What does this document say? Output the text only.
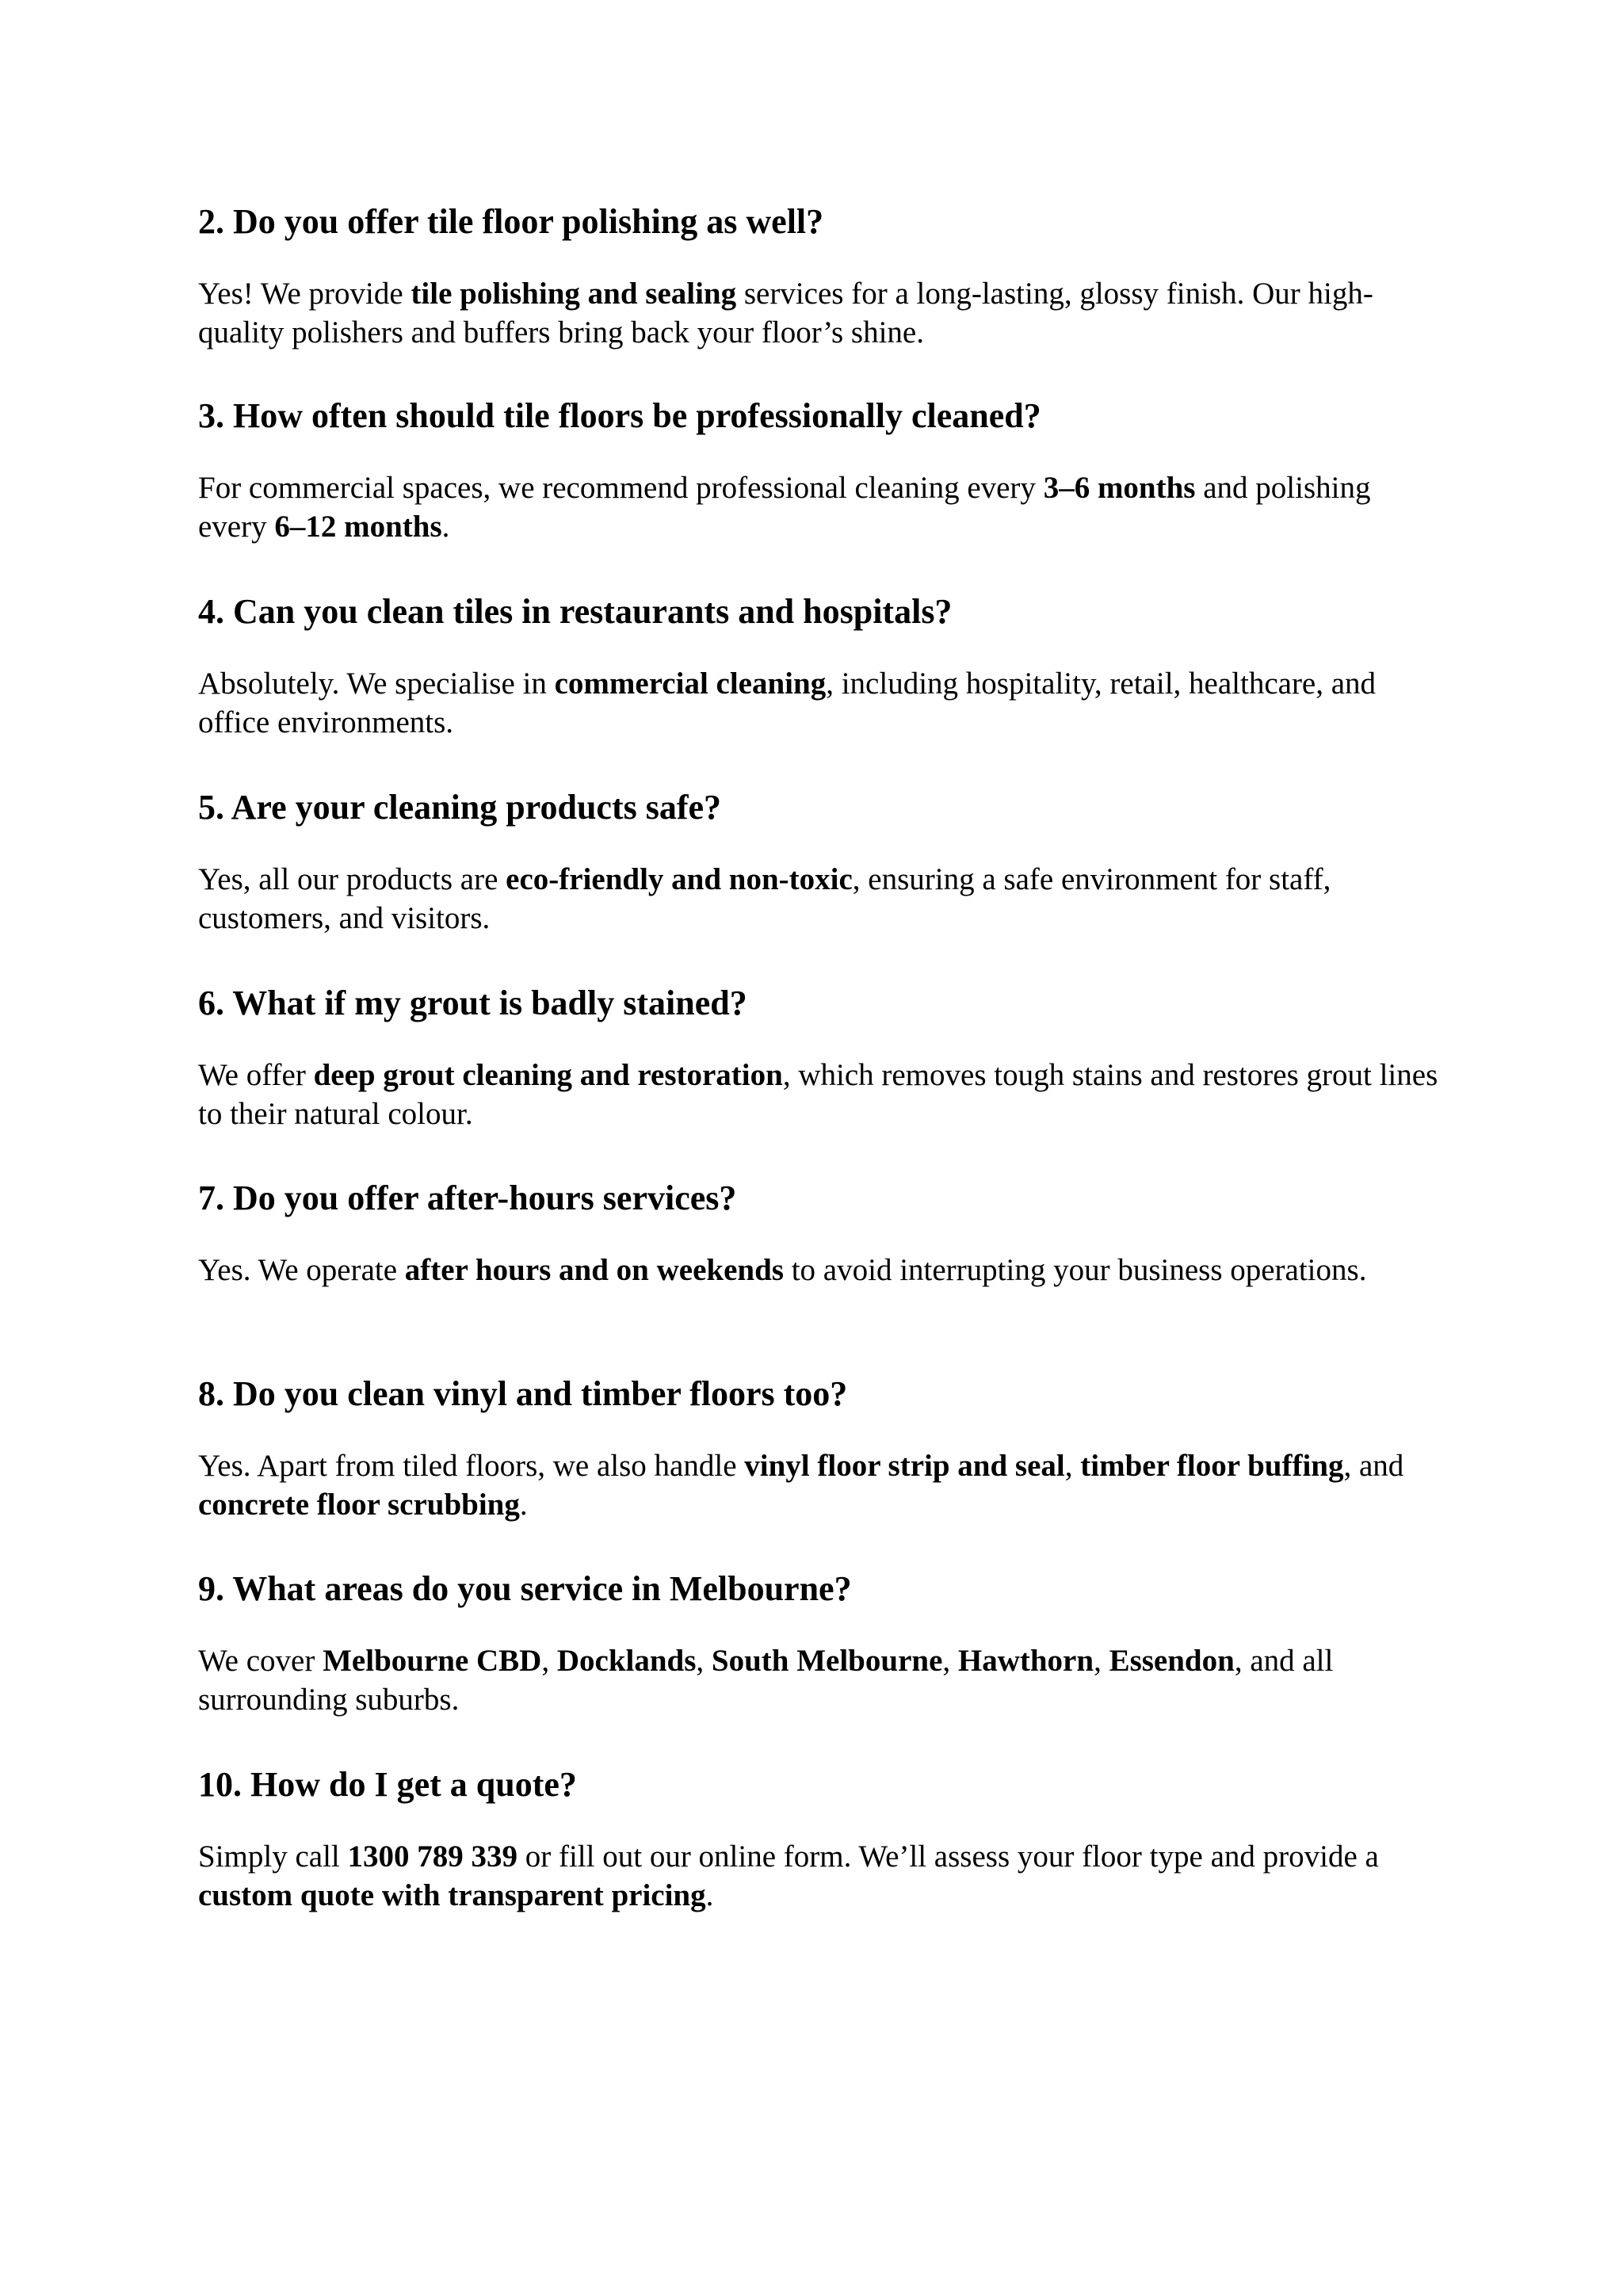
2. Do you offer tile floor polishing as well?

Yes! We provide tile polishing and sealing services for a long-lasting, glossy finish. Our high-quality polishers and buffers bring back your floor’s shine.

3. How often should tile floors be professionally cleaned?

For commercial spaces, we recommend professional cleaning every 3–6 months and polishing every 6–12 months.

4. Can you clean tiles in restaurants and hospitals?

Absolutely. We specialise in commercial cleaning, including hospitality, retail, healthcare, and office environments.

5. Are your cleaning products safe?

Yes, all our products are eco-friendly and non-toxic, ensuring a safe environment for staff, customers, and visitors.

6. What if my grout is badly stained?

We offer deep grout cleaning and restoration, which removes tough stains and restores grout lines to their natural colour.

7. Do you offer after-hours services?

Yes. We operate after hours and on weekends to avoid interrupting your business operations.

8. Do you clean vinyl and timber floors too?

Yes. Apart from tiled floors, we also handle vinyl floor strip and seal, timber floor buffing, and concrete floor scrubbing.

9. What areas do you service in Melbourne?

We cover Melbourne CBD, Docklands, South Melbourne, Hawthorn, Essendon, and all surrounding suburbs.

10. How do I get a quote?

Simply call 1300 789 339 or fill out our online form. We’ll assess your floor type and provide a custom quote with transparent pricing.
